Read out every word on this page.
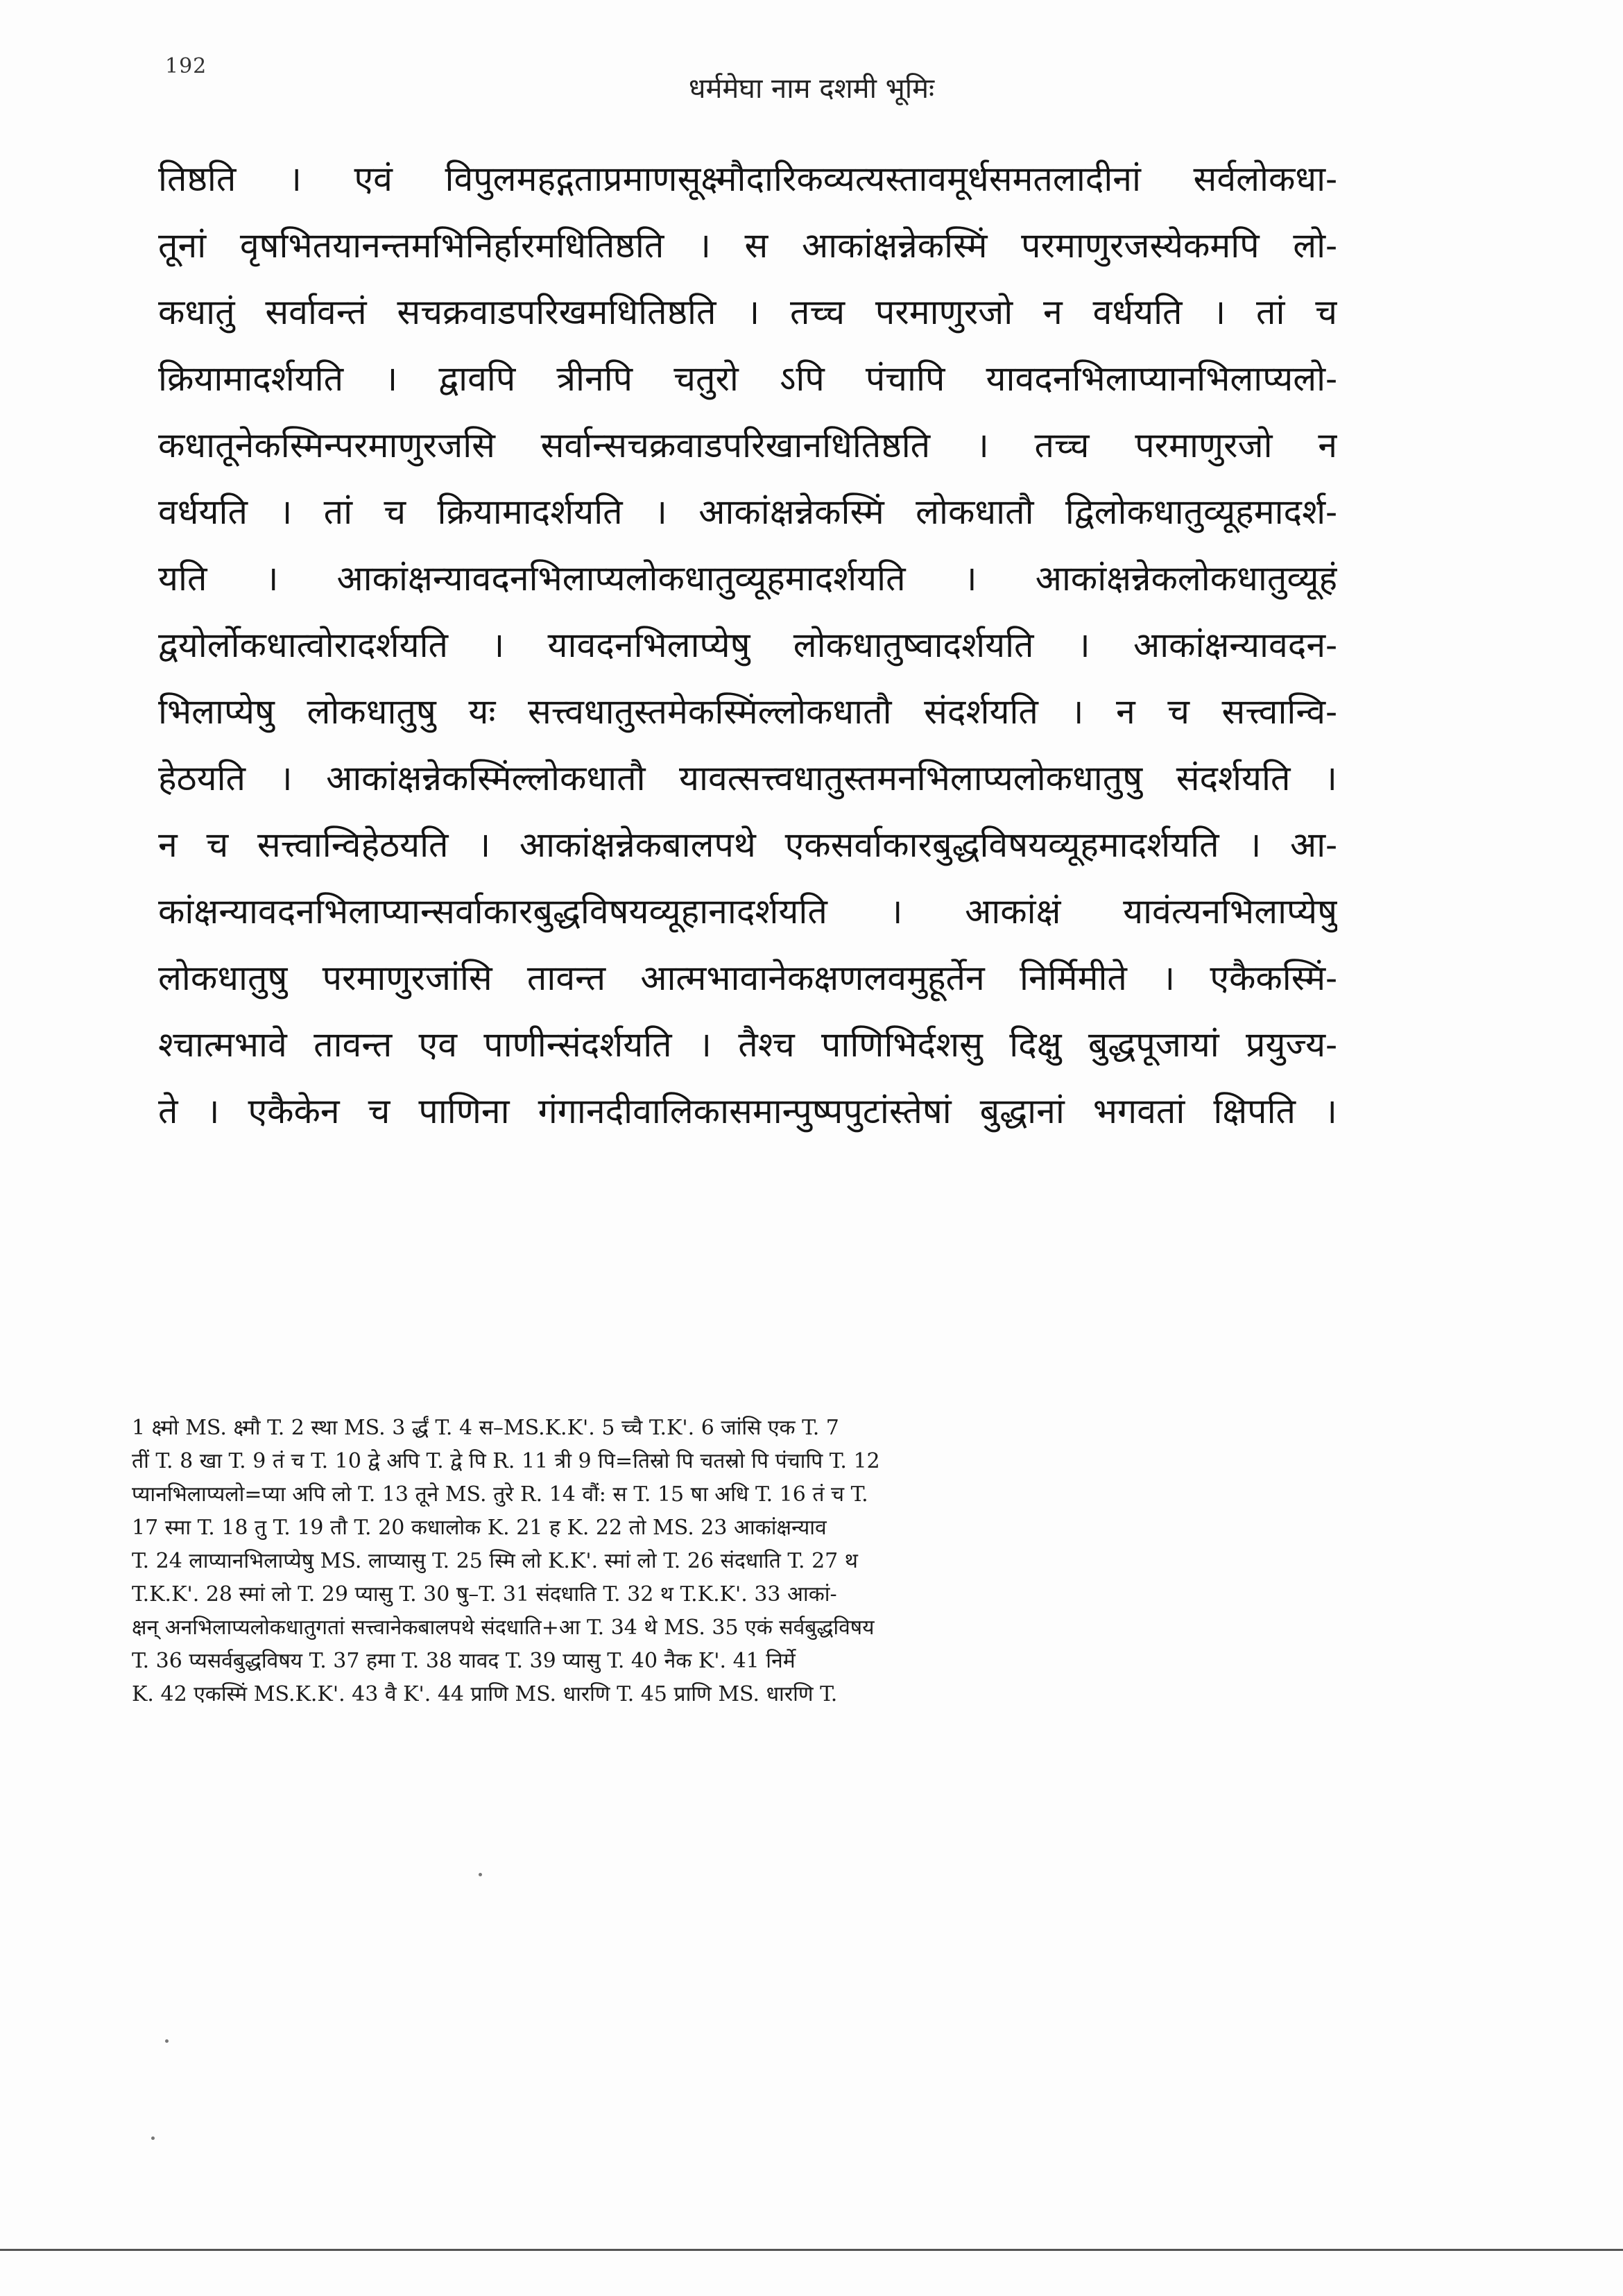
192
धर्ममेघा नाम दशमी भूमिः
तिष्ठति । एवं विपुलमहद्गताप्रमाणसूक्ष्मौदारिकव्यत्यस्तावमूर्धसमतलादीनां सर्वलोकधा-
तूनां वृषभितयानन्तमभिनिर्हारमधितिष्ठति । स आकांक्षन्नेकस्मिं परमाणुरजस्येकमपि लो-
कधातुं सर्वावन्तं सचक्रवाडपरिखमधितिष्ठति । तच्च परमाणुरजो न वर्धयति । तां च
क्रियामादर्शयति । द्वावपि त्रीनपि चतुरो ऽपि पंचापि यावदनभिलाप्यानभिलाप्यलो-
कधातूनेकस्मिन्परमाणुरजसि सर्वान्सचक्रवाडपरिखानधितिष्ठति । तच्च परमाणुरजो न
वर्धयति । तां च क्रियामादर्शयति । आकांक्षन्नेकस्मिं लोकधातौ द्विलोकधातुव्यूहमादर्श-
यति । आकांक्षन्यावदनभिलाप्यलोकधातुव्यूहमादर्शयति । आकांक्षन्नेकलोकधातुव्यूहं
द्वयोर्लोकधात्वोरादर्शयति । यावदनभिलाप्येषु लोकधातुष्वादर्शयति । आकांक्षन्यावदन-
भिलाप्येषु लोकधातुषु यः सत्त्वधातुस्तमेकस्मिंल्लोकधातौ संदर्शयति । न च सत्त्वान्वि-
हेठयति । आकांक्षन्नेकस्मिंल्लोकधातौ यावत्सत्त्वधातुस्तमनभिलाप्यलोकधातुषु संदर्शयति ।
न च सत्त्वान्विहेठयति । आकांक्षन्नेकबालपथे एकसर्वाकारबुद्धविषयव्यूहमादर्शयति । आ-
कांक्षन्यावदनभिलाप्यान्सर्वाकारबुद्धविषयव्यूहानादर्शयति । आकांक्षं यावंत्यनभिलाप्येषु
लोकधातुषु परमाणुरजांसि तावन्त आत्मभावानेकक्षणलवमुहूर्तेन निर्मिमीते । एकैकस्मिं-
श्चात्मभावे तावन्त एव पाणीन्संदर्शयति । तैश्च पाणिभिर्दशसु दिक्षु बुद्धपूजायां प्रयुज्य-
ते । एकैकेन च पाणिना गंगानदीवालिकासमान्पुष्पपुटांस्तेषां बुद्धानां भगवतां क्षिपति ।
1 क्ष्मो MS. क्ष्मौ T. 2 स्था MS. 3 र्द्धं T. 4 स–MS.K.K'. 5 च्चै T.K'. 6 जांसि एक T. 7
तीं T. 8 खा T. 9 तं च T. 10 द्वे अपि T. द्वे पि R. 11 त्री 9 पि=तिस्रो पि चतस्रो पि पंचापि T. 12
प्यानभिलाप्यलो=प्या अपि लो T. 13 तूने MS. तुरे R. 14 वौं: स T. 15 षा अधि T. 16 तं च T.
17 स्मा T. 18 तु T. 19 तौ T. 20 कधालोक K. 21 ह K. 22 तो MS. 23 आकांक्षन्याव
T. 24 लाप्यानभिलाप्येषु MS. लाप्यासु T. 25 स्मि लो K.K'. स्मां लो T. 26 संदधाति T. 27 थ
T.K.K'. 28 स्मां लो T. 29 प्यासु T. 30 षु–T. 31 संदधाति T. 32 थ T.K.K'. 33 आकां-
क्षन् अनभिलाप्यलोकधातुगतां सत्त्वानेकबालपथे संदधाति+आ T. 34 थे MS. 35 एकं सर्वबुद्धविषय
T. 36 प्यसर्वबुद्धविषय T. 37 हमा T. 38 यावद T. 39 प्यासु T. 40 नैक K'. 41 निर्मे
K. 42 एकस्मिं MS.K.K'. 43 वै K'. 44 प्राणि MS. धारणि T. 45 प्राणि MS. धारणि T.
